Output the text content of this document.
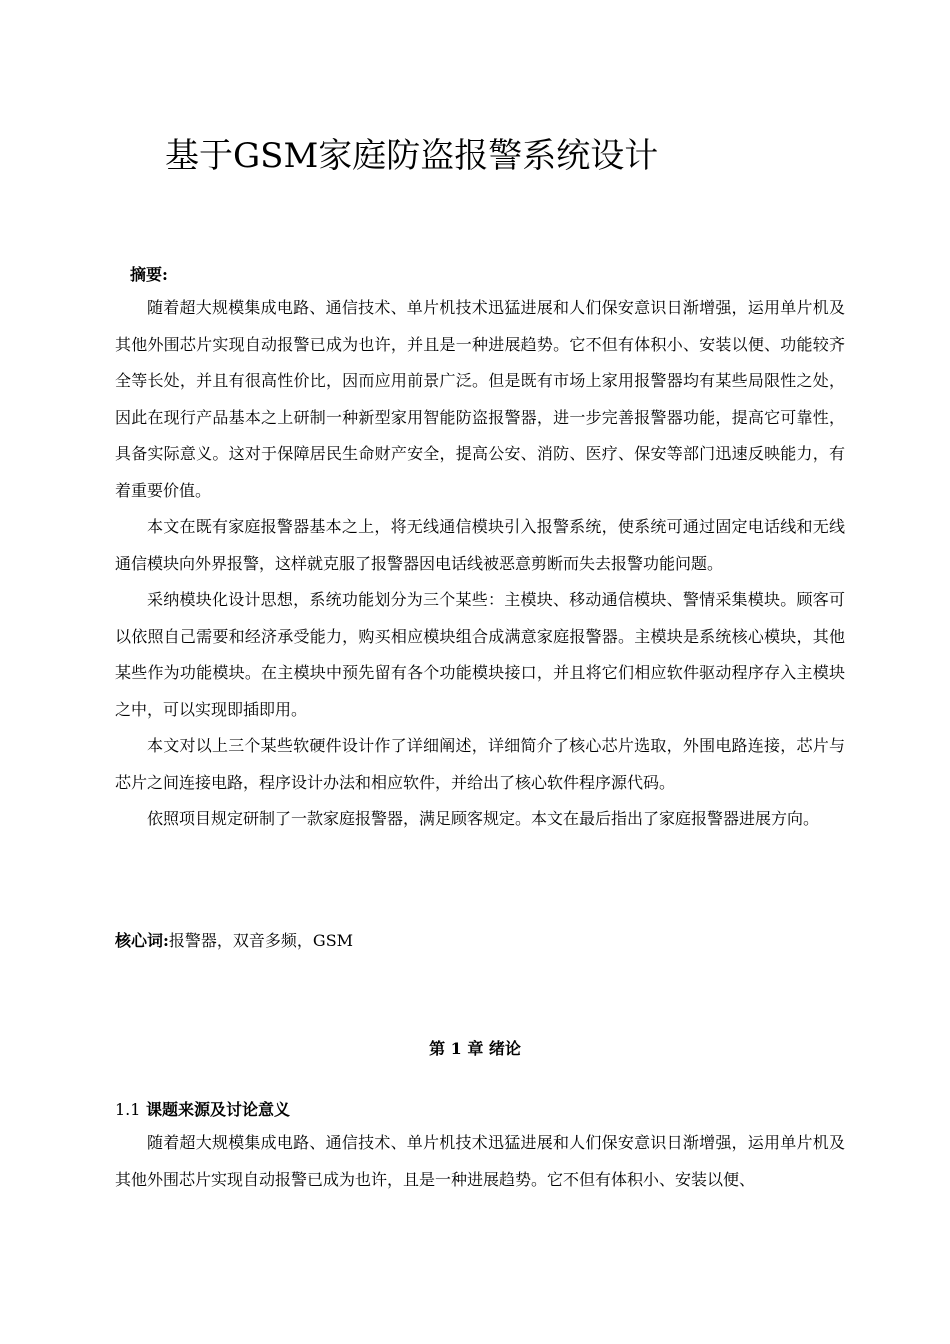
基于GSM家庭防盗报警系统设计
摘要:

随着超大规模集成电路、通信技术、单片机技术迅猛进展和人们保安意识日渐增强，运用单片机及其他外围芯片实现自动报警已成为也许，并且是一种进展趋势。它不但有体积小、安装以便、功能较齐全等长处，并且有很高性价比，因而应用前景广泛。但是既有市场上家用报警器均有某些局限性之处，因此在现行产品基本之上研制一种新型家用智能防盗报警器，进一步完善报警器功能，提高它可靠性，具备实际意义。这对于保障居民生命财产安全，提高公安、消防、医疗、保安等部门迅速反映能力，有着重要价值。

本文在既有家庭报警器基本之上，将无线通信模块引入报警系统，使系统可通过固定电话线和无线通信模块向外界报警，这样就克服了报警器因电话线被恶意剪断而失去报警功能问题。

采纳模块化设计思想，系统功能划分为三个某些：主模块、移动通信模块、警情采集模块。顾客可以依照自己需要和经济承受能力，购买相应模块组合成满意家庭报警器。主模块是系统核心模块，其他某些作为功能模块。在主模块中预先留有各个功能模块接口，并且将它们相应软件驱动程序存入主模块之中，可以实现即插即用。

本文对以上三个某些软硬件设计作了详细阐述，详细简介了核心芯片选取，外围电路连接，芯片与芯片之间连接电路，程序设计办法和相应软件，并给出了核心软件程序源代码。

依照项目规定研制了一款家庭报警器，满足顾客规定。本文在最后指出了家庭报警器进展方向。

核心词:报警器，双音多频，GSM
第 1 章 绪论
1.1 课题来源及讨论意义

随着超大规模集成电路、通信技术、单片机技术迅猛进展和人们保安意识日渐增强，运用单片机及其他外围芯片实现自动报警已成为也许，且是一种进展趋势。它不但有体积小、安装以便、
